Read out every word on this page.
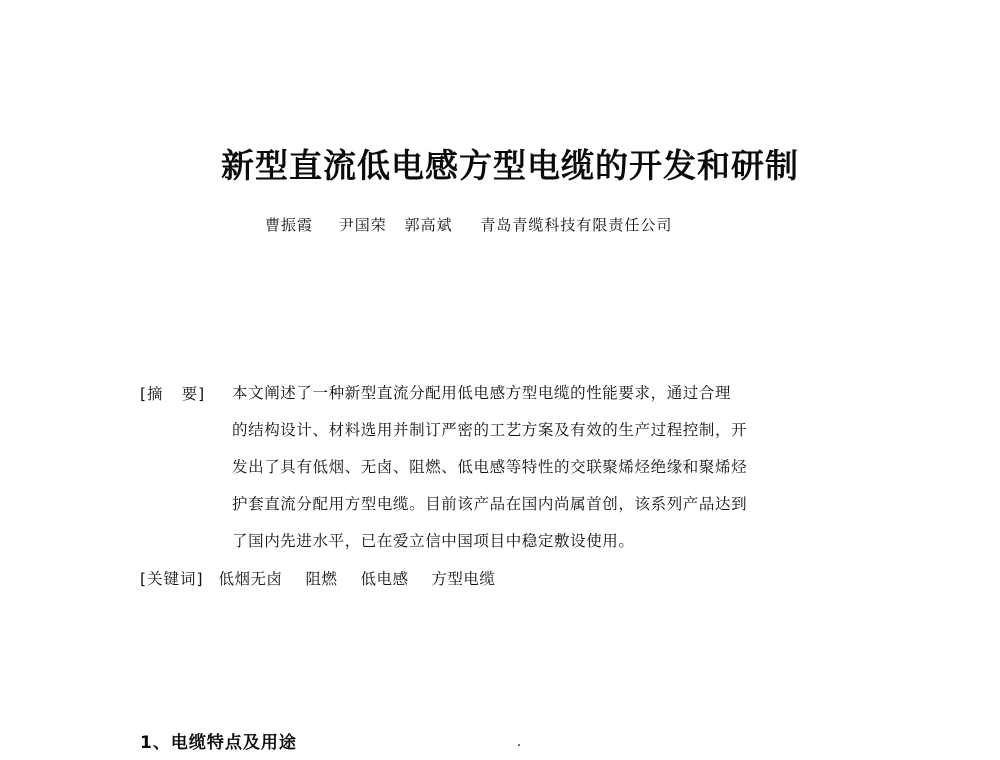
新型直流低电感方型电缆的开发和研制
曹振霞 尹国荣 郭高斌 青岛青缆科技有限责任公司
[摘 要] 本文阐述了一种新型直流分配用低电感方型电缆的性能要求，通过合理
的结构设计、材料选用并制订严密的工艺方案及有效的生产过程控制，开
发出了具有低烟、无卤、阻燃、低电感等特性的交联聚烯烃绝缘和聚烯烃
护套直流分配用方型电缆。目前该产品在国内尚属首创，该系列产品达到
了国内先进水平，已在爱立信中国项目中稳定敷设使用。
[关键词] 低烟无卤 阻燃 低电感 方型电缆
1、电缆特点及用途
